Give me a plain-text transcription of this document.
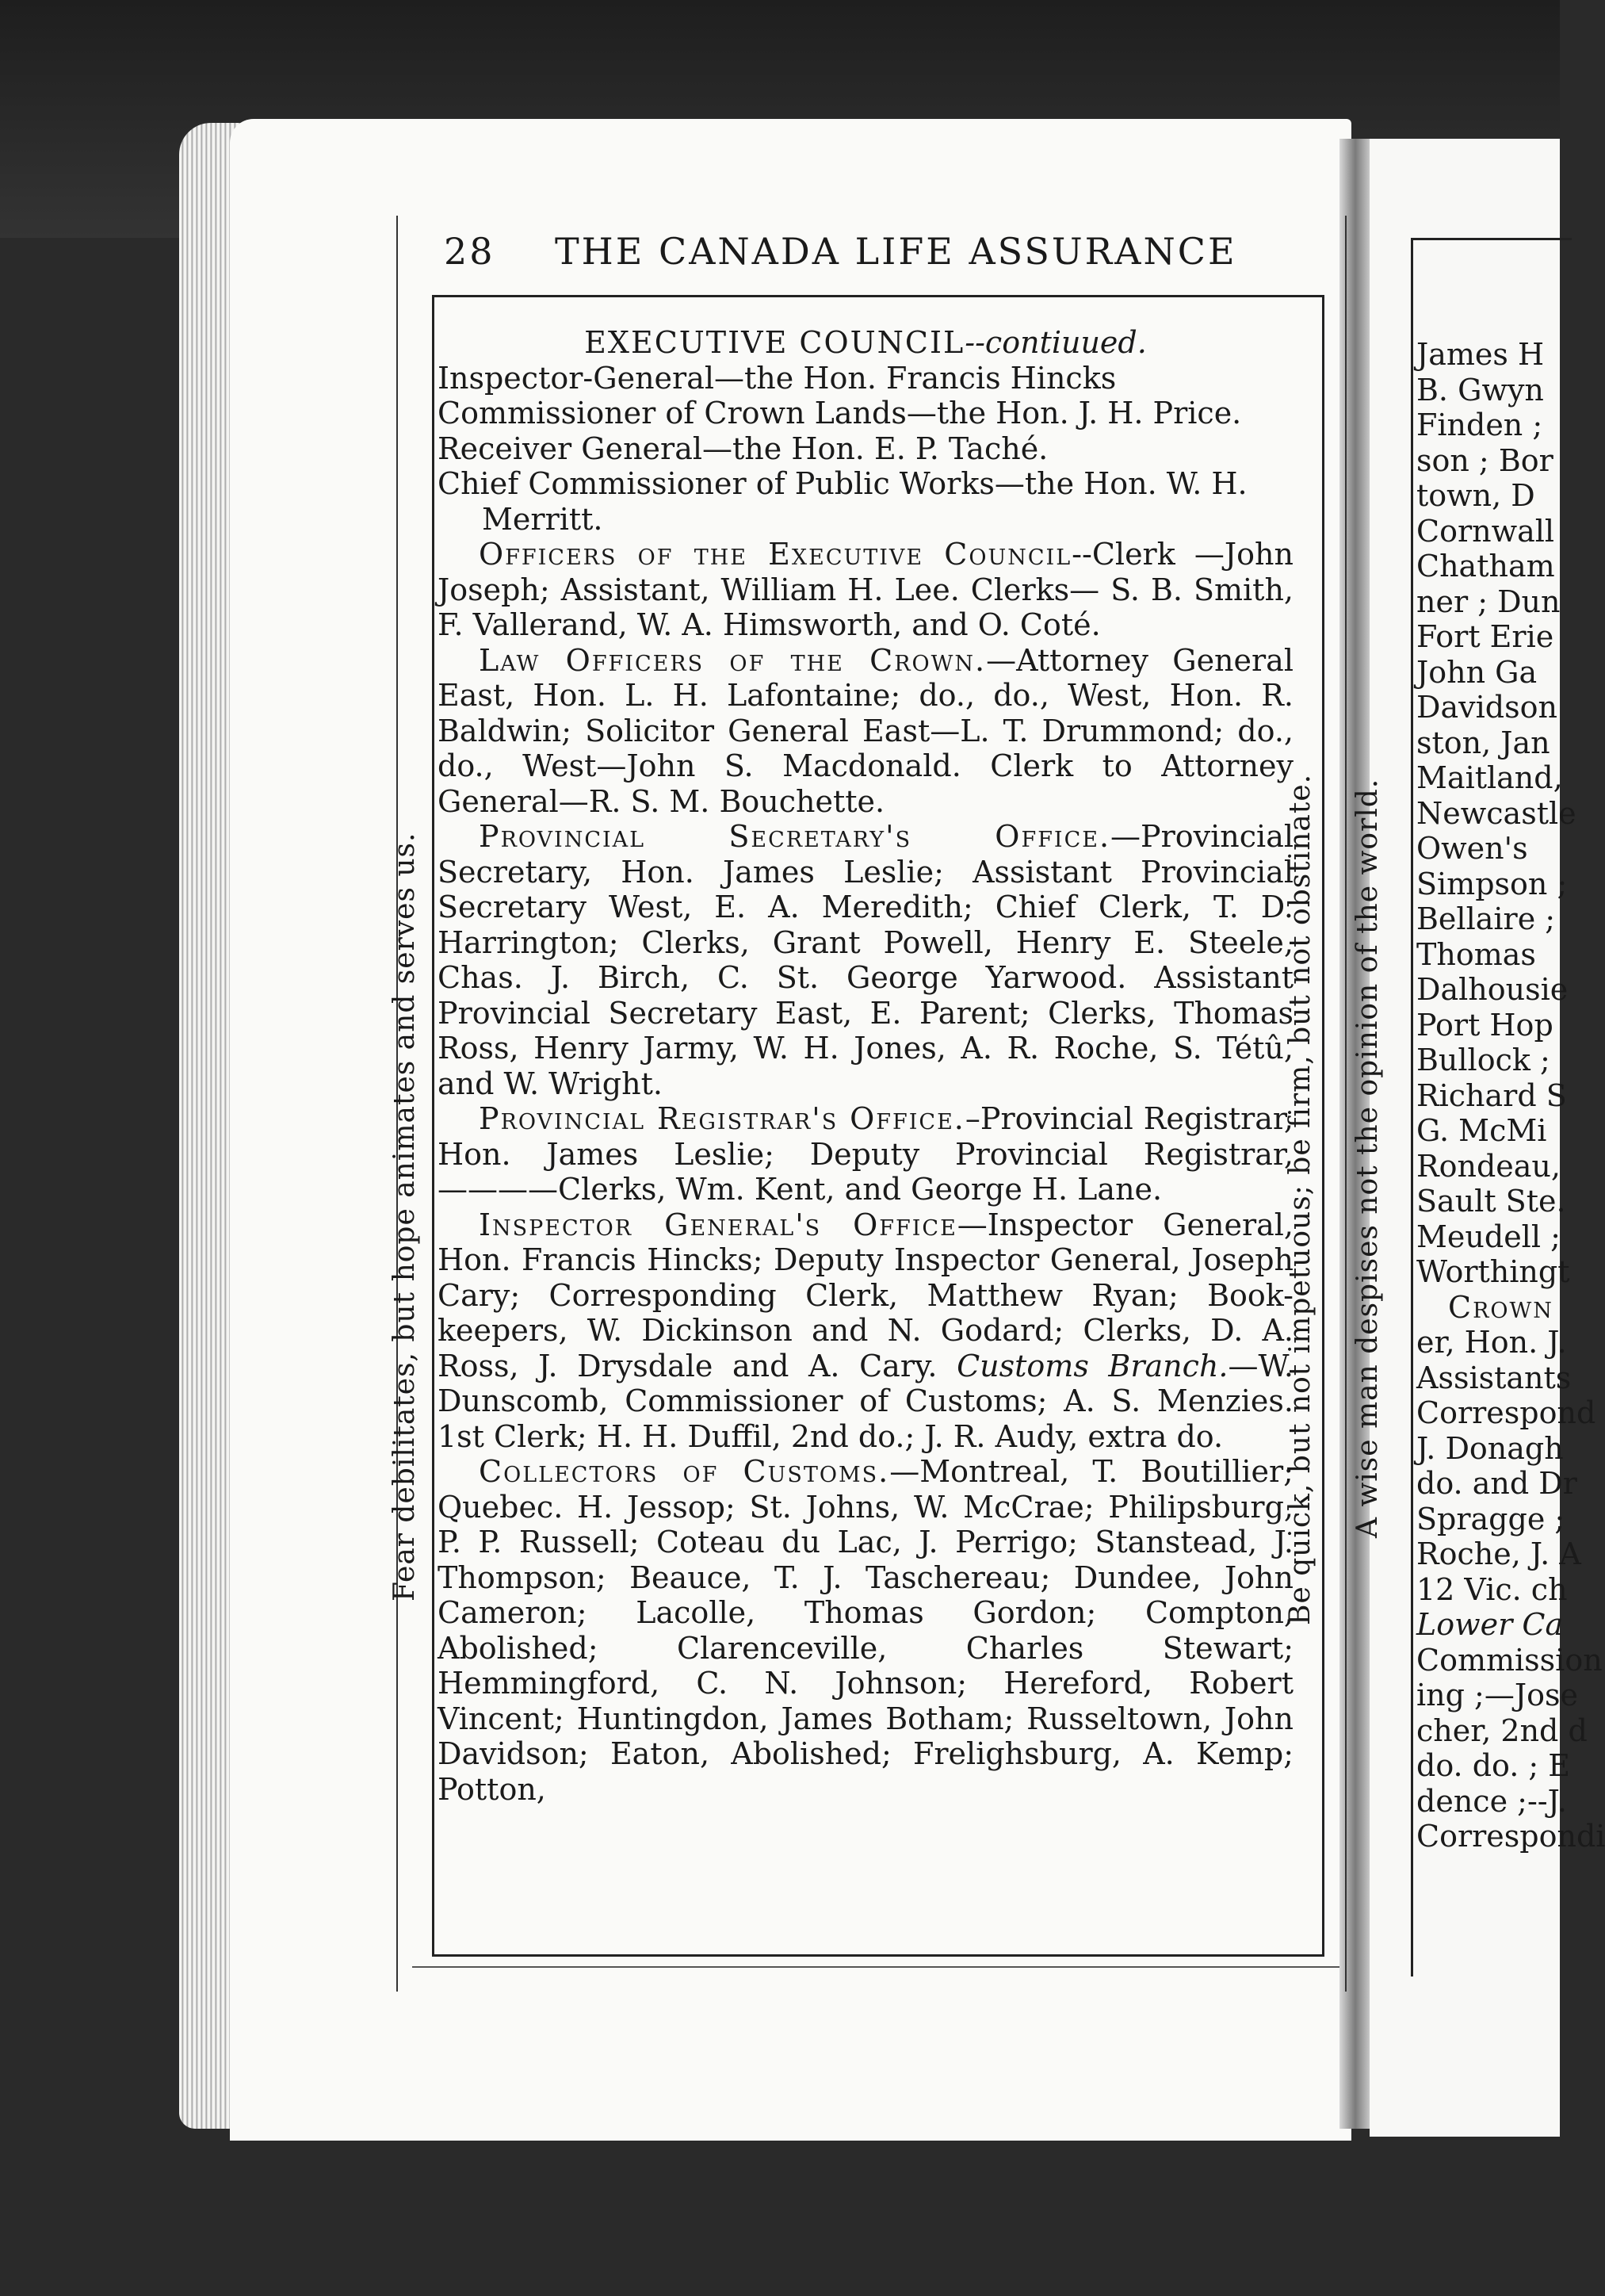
28 THE CANADA LIFE ASSURANCE
Fear debilitates, but hope animates and serves us.	Be quick, but not impetuous; be firm, but not obstinate. A wise man despises not the opinion of the world.

EXECUTIVE COUNCIL--contiuued.

Inspector-General—the Hon. Francis Hincks

Commissioner of Crown Lands—the Hon. J. H. Price.

Receiver General—the Hon. E. P. Taché.

Chief Commissioner of Public Works—the Hon. W. H. Merritt.

Officers of the Executive Council--Clerk —John Joseph; Assistant, William H. Lee. Clerks— S. B. Smith, F. Vallerand, W. A. Himsworth, and O. Coté.

Law Officers of the Crown.—Attorney General East, Hon. L. H. Lafontaine; do., do., West, Hon. R. Baldwin; Solicitor General East—L. T. Drummond; do., do., West—John S. Macdonald. Clerk to Attorney General—R. S. M. Bouchette.

Provincial Secretary's Office.—Provincial Secretary, Hon. James Leslie; Assistant Provincial Secretary West, E. A. Meredith; Chief Clerk, T. D. Harrington; Clerks, Grant Powell, Henry E. Steele, Chas. J. Birch, C. St. George Yarwood. Assistant Provincial Secretary East, E. Parent; Clerks, Thomas Ross, Henry Jarmy, W. H. Jones, A. R. Roche, S. Tétû, and W. Wright.

Provincial Registrar's Office.–Provincial Registrar, Hon. James Leslie; Deputy Provincial Registrar, ————Clerks, Wm. Kent, and George H. Lane.

Inspector General's Office—Inspector General, Hon. Francis Hincks; Deputy Inspector General, Joseph Cary; Corresponding Clerk, Matthew Ryan; Book-keepers, W. Dickinson and N. Godard; Clerks, D. A. Ross, J. Drysdale and A. Cary. Customs Branch.—W. Dunscomb, Commissioner of Customs; A. S. Menzies. 1st Clerk; H. H. Duffil, 2nd do.; J. R. Audy, extra do.

Collectors of Customs.—Montreal, T. Boutillier; Quebec. H. Jessop; St. Johns, W. McCrae; Philipsburg, P. P. Russell; Coteau du Lac, J. Perrigo; Stanstead, J. Thompson; Beauce, T. J. Taschereau; Dundee, John Cameron; Lacolle, Thomas Gordon; Compton, Abolished; Clarenceville, Charles Stewart; Hemmingford, C. N. Johnson; Hereford, Robert Vincent; Huntingdon, James Botham; Russeltown, John Davidson; Eaton, Abolished; Frelighsburg, A. Kemp; Potton,

James H
B. Gwyn
Finden ;
son ; Bor
town, D
Cornwall
Chatham
ner ; Dun
Fort Erie
John Ga
Davidson
ston, Jan
Maitland,
Newcastle
Owen's
Simpson ;
Bellaire ;
Thomas
Dalhousie
Port Hop
Bullock ;
Richard S
G. McMi
Rondeau,
Sault Ste.
Meudell ;
Worthingt
Crown
er, Hon. J.
Assistants
Correspond
J. Donagh
do. and Dr
Spragge ;
Roche, J. A
12 Vic. ch
Lower Ca
Commission
ing ;—Jose
cher, 2nd d
do. do. ; E
dence ;--J.
Correspondi
